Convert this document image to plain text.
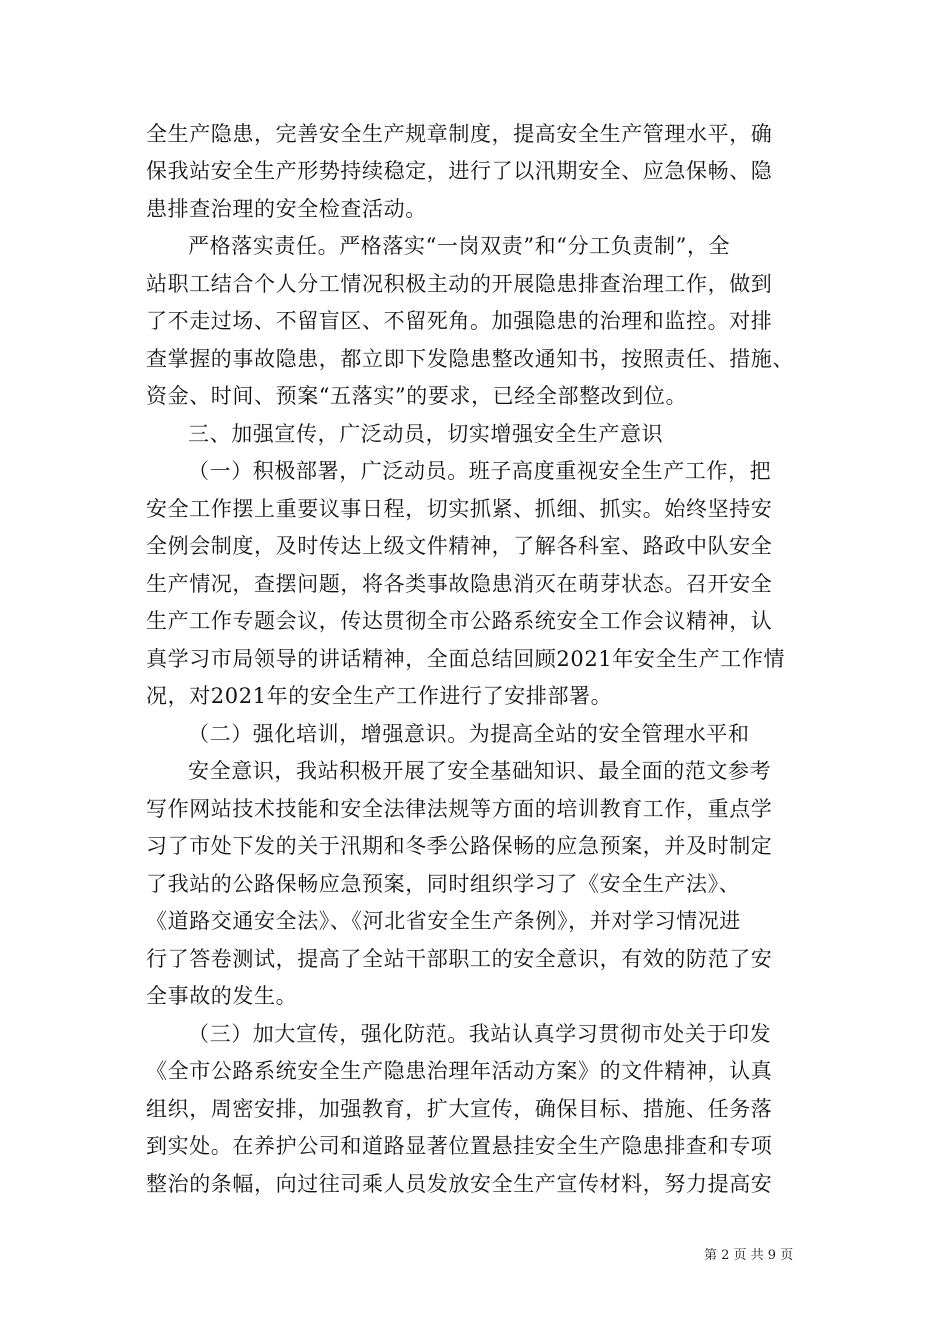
全生产隐患，完善安全生产规章制度，提高安全生产管理水平，确
保我站安全生产形势持续稳定，进行了以汛期安全、应急保畅、隐
患排查治理的安全检查活动。
严格落实责任。严格落实“一岗双责”和“分工负责制”，全
站职工结合个人分工情况积极主动的开展隐患排查治理工作，做到
了不走过场、不留盲区、不留死角。加强隐患的治理和监控。对排
查掌握的事故隐患，都立即下发隐患整改通知书，按照责任、措施、
资金、时间、预案“五落实”的要求，已经全部整改到位。
三、加强宣传，广泛动员，切实增强安全生产意识
（一）积极部署，广泛动员。班子高度重视安全生产工作，把
安全工作摆上重要议事日程，切实抓紧、抓细、抓实。始终坚持安
全例会制度，及时传达上级文件精神，了解各科室、路政中队安全
生产情况，查摆问题，将各类事故隐患消灭在萌芽状态。召开安全
生产工作专题会议，传达贯彻全市公路系统安全工作会议精神，认
真学习市局领导的讲话精神，全面总结回顾2021年安全生产工作情
况，对2021年的安全生产工作进行了安排部署。
（二）强化培训，增强意识。为提高全站的安全管理水平和
安全意识，我站积极开展了安全基础知识、最全面的范文参考
写作网站技术技能和安全法律法规等方面的培训教育工作，重点学
习了市处下发的关于汛期和冬季公路保畅的应急预案，并及时制定
了我站的公路保畅应急预案，同时组织学习了《安全生产法》、
《道路交通安全法》、《河北省安全生产条例》，并对学习情况进
行了答卷测试，提高了全站干部职工的安全意识，有效的防范了安
全事故的发生。
（三）加大宣传，强化防范。我站认真学习贯彻市处关于印发
《全市公路系统安全生产隐患治理年活动方案》的文件精神，认真
组织，周密安排，加强教育，扩大宣传，确保目标、措施、任务落
到实处。在养护公司和道路显著位置悬挂安全生产隐患排查和专项
整治的条幅，向过往司乘人员发放安全生产宣传材料，努力提高安
第 2 页 共 9 页
